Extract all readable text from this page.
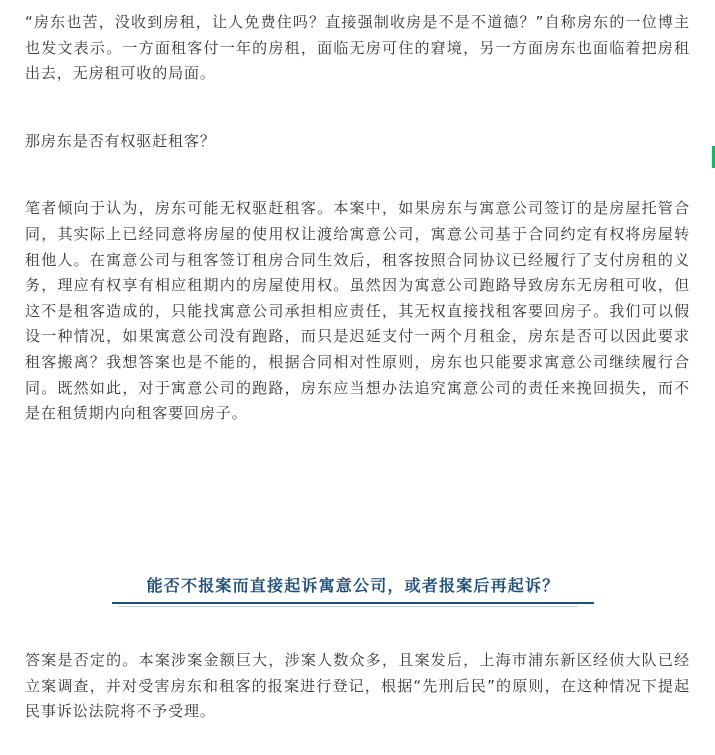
“房东也苦，没收到房租，让人免费住吗？直接强制收房是不是不道德？”自称房东的一位博主也发文表示。一方面租客付一年的房租，面临无房可住的窘境，另一方面房东也面临着把房租出去，无房租可收的局面。

那房东是否有权驱赶租客？

笔者倾向于认为，房东可能无权驱赶租客。本案中，如果房东与寓意公司签订的是房屋托管合同，其实际上已经同意将房屋的使用权让渡给寓意公司，寓意公司基于合同约定有权将房屋转租他人。在寓意公司与租客签订租房合同生效后，租客按照合同协议已经履行了支付房租的义务，理应有权享有相应租期内的房屋使用权。虽然因为寓意公司跑路导致房东无房租可收，但这不是租客造成的，只能找寓意公司承担相应责任，其无权直接找租客要回房子。我们可以假设一种情况，如果寓意公司没有跑路，而只是迟延支付一两个月租金，房东是否可以因此要求租客搬离？我想答案也是不能的，根据合同相对性原则，房东也只能要求寓意公司继续履行合同。既然如此，对于寓意公司的跑路，房东应当想办法追究寓意公司的责任来挽回损失，而不是在租赁期内向租客要回房子。

能否不报案而直接起诉寓意公司，或者报案后再起诉？

答案是否定的。本案涉案金额巨大，涉案人数众多，且案发后，上海市浦东新区经侦大队已经立案调查，并对受害房东和租客的报案进行登记，根据“先刑后民”的原则，在这种情况下提起民事诉讼法院将不予受理。
